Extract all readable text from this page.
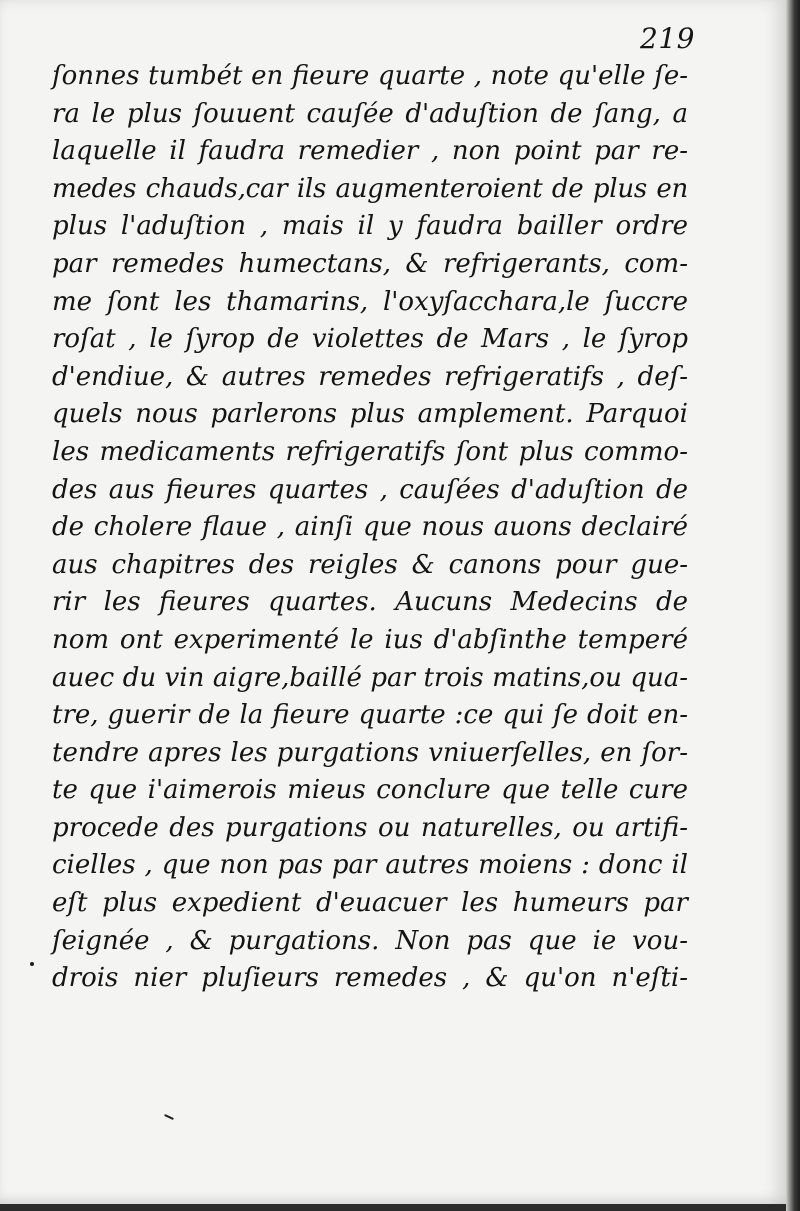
219
ſonnes tumbét en fieure quarte , note qu'elle ſe-
ra le plus ſouuent cauſée d'aduſtion de ſang, a
laquelle il faudra remedier , non point par re-
medes chauds,car ils augmenteroient de plus en
plus l'aduſtion , mais il y faudra bailler ordre
par remedes humectans, & refrigerants, com-
me ſont les thamarins, l'oxyſacchara,le ſuccre
roſat , le ſyrop de violettes de Mars , le ſyrop
d'endiue, & autres remedes refrigeratifs , deſ-
quels nous parlerons plus amplement. Parquoi
les medicaments refrigeratifs ſont plus commo-
des aus fieures quartes , cauſées d'aduſtion de
de cholere flaue , ainſi que nous auons declairé
aus chapitres des reigles & canons pour gue-
rir les fieures quartes. Aucuns Medecins de
nom ont experimenté le ius d'abſinthe temperé
auec du vin aigre,baillé par trois matins,ou qua-
tre, guerir de la fieure quarte :ce qui ſe doit en-
tendre apres les purgations vniuerſelles, en ſor-
te que i'aimerois mieus conclure que telle cure
procede des purgations ou naturelles, ou artifi-
cielles , que non pas par autres moiens : donc il
eſt plus expedient d'euacuer les humeurs par
ſeignée , & purgations. Non pas que ie vou-
drois nier pluſieurs remedes , & qu'on n'eſti-
